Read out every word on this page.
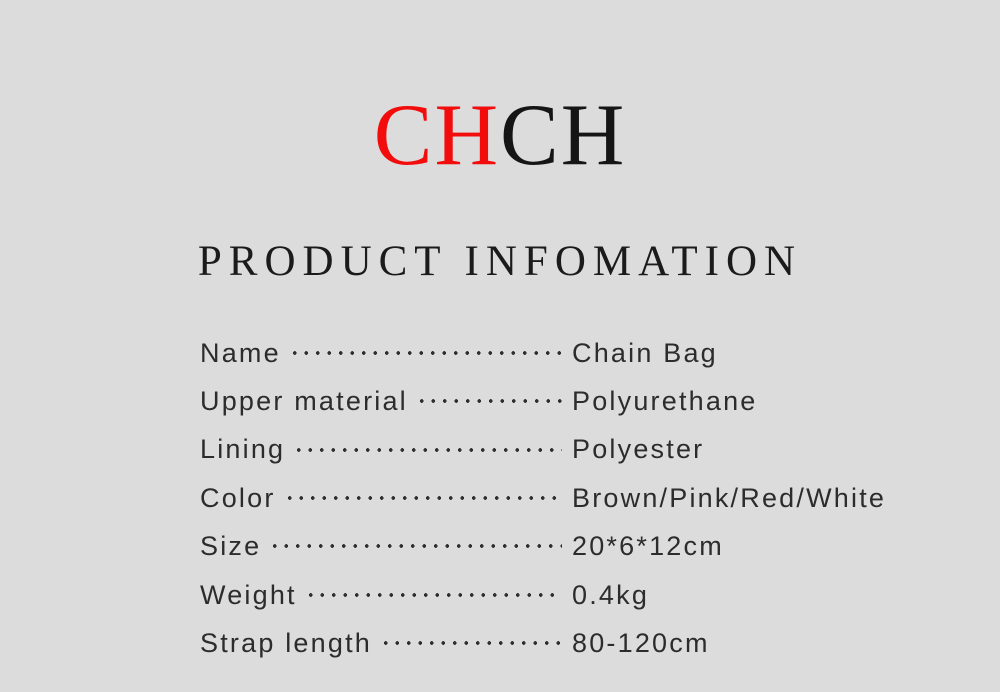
CHCH
PRODUCT INFOMATION
Name	Chain Bag
Upper material	Polyurethane
Lining	Polyester
Color	Brown/Pink/Red/White
Size	20*6*12cm
Weight	0.4kg
Strap length	80-120cm
